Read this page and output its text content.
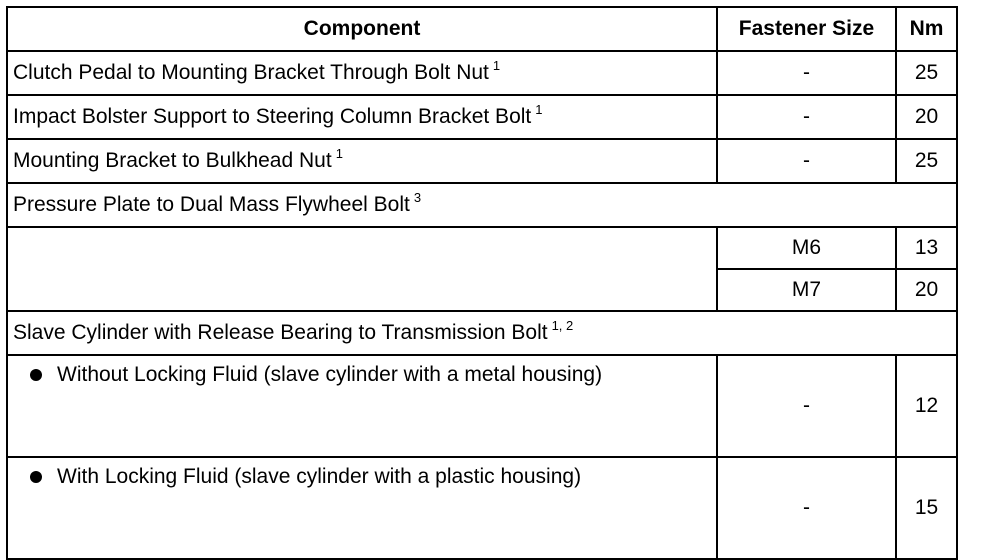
Component	Fastener Size	Nm
Clutch Pedal to Mounting Bracket Through Bolt Nut $^1$	-	25
Impact Bolster Support to Steering Column Bracket Bolt $^1$	-	20
Mounting Bracket to Bulkhead Nut $^1$	-	25
Pressure Plate to Dual Mass Flywheel Bolt $^3$
	M6	13
	M7	20
Slave Cylinder with Release Bearing to Transmission Bolt $^{1, 2}$
Without Locking Fluid (slave cylinder with a metal housing)	-	12
With Locking Fluid (slave cylinder with a plastic housing)	-	15
